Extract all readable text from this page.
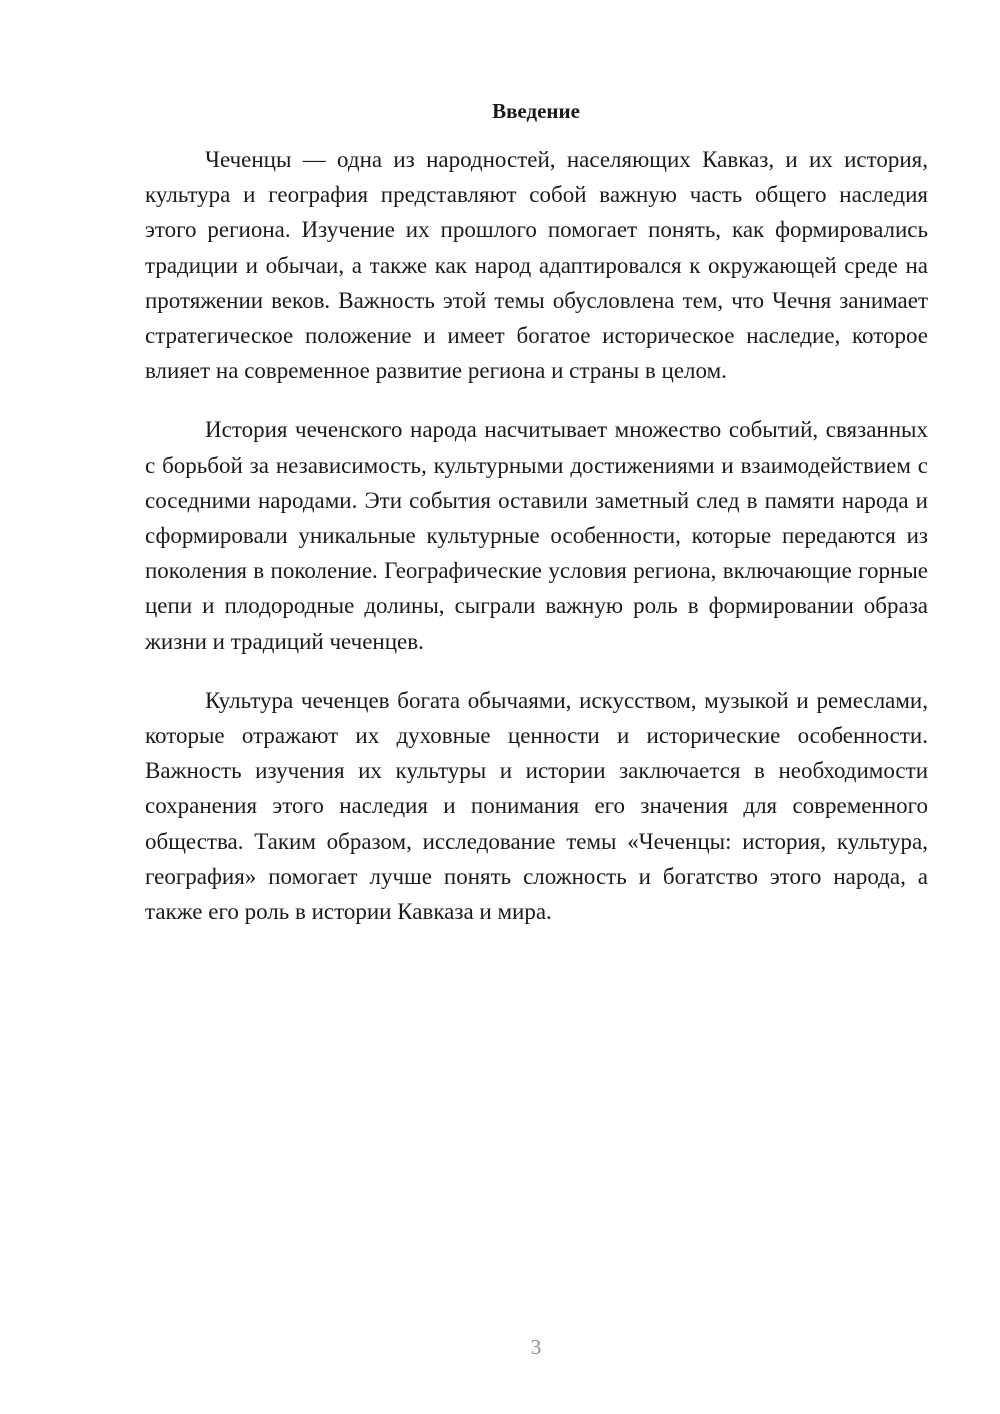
Введение

Чеченцы — одна из народностей, населяющих Кавказ, и их история, культура и география представляют собой важную часть общего наследия этого региона. Изучение их прошлого помогает понять, как формировались традиции и обычаи, а также как народ адаптировался к окружающей среде на протяжении веков. Важность этой темы обусловлена тем, что Чечня занимает стратегическое положение и имеет богатое историческое наследие, которое влияет на современное развитие региона и страны в целом.

История чеченского народа насчитывает множество событий, связанных с борьбой за независимость, культурными достижениями и взаимодействием с соседними народами. Эти события оставили заметный след в памяти народа и сформировали уникальные культурные особенности, которые передаются из поколения в поколение. Географические условия региона, включающие горные цепи и плодородные долины, сыграли важную роль в формировании образа жизни и традиций чеченцев.

Культура чеченцев богата обычаями, искусством, музыкой и ремеслами, которые отражают их духовные ценности и исторические особенности. Важность изучения их культуры и истории заключается в необходимости сохранения этого наследия и понимания его значения для современного общества. Таким образом, исследование темы «Чеченцы: история, культура, география» помогает лучше понять сложность и богатство этого народа, а также его роль в истории Кавказа и мира.

3
